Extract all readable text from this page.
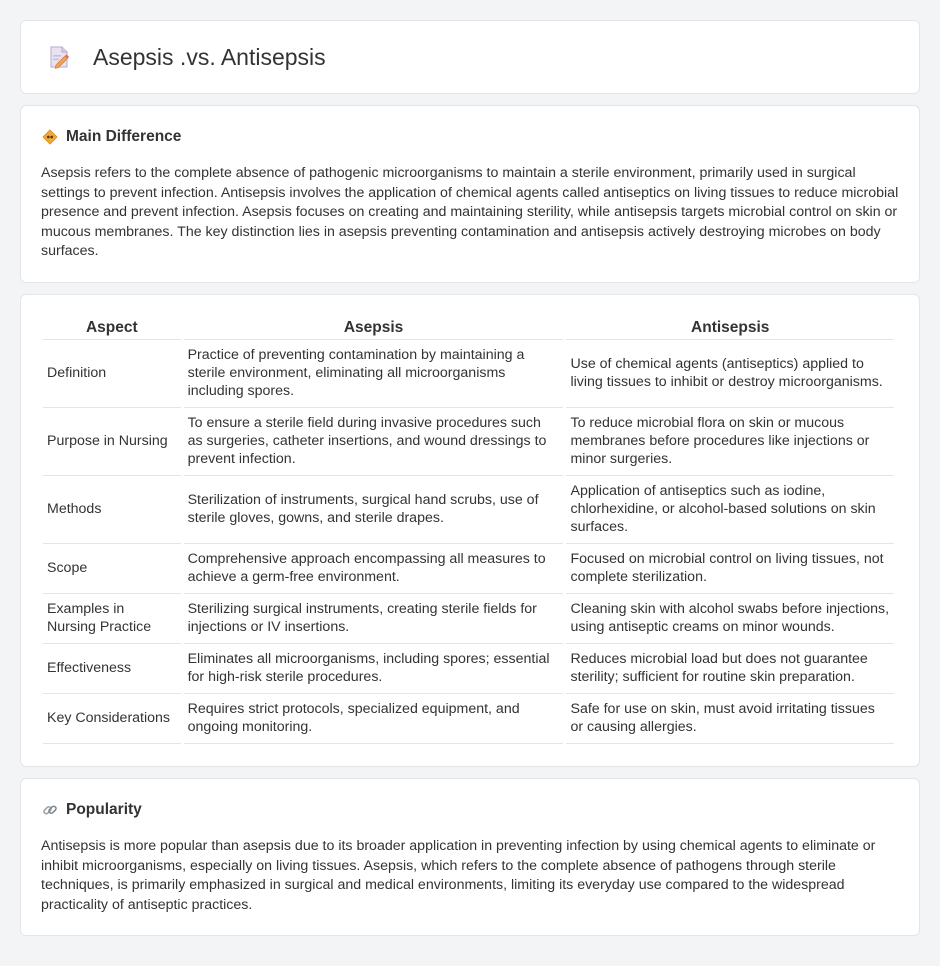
Asepsis .vs. Antisepsis
Main Difference

Asepsis refers to the complete absence of pathogenic microorganisms to maintain a sterile environment, primarily used in surgical settings to prevent infection. Antisepsis involves the application of chemical agents called antiseptics on living tissues to reduce microbial presence and prevent infection. Asepsis focuses on creating and maintaining sterility, while antisepsis targets microbial control on skin or mucous membranes. The key distinction lies in asepsis preventing contamination and antisepsis actively destroying microbes on body surfaces.

Aspect	Asepsis	Antisepsis
Definition	Practice of preventing contamination by maintaining a sterile environment, eliminating all microorganisms including spores.	Use of chemical agents (antiseptics) applied to living tissues to inhibit or destroy microorganisms.
Purpose in Nursing	To ensure a sterile field during invasive procedures such as surgeries, catheter insertions, and wound dressings to prevent infection.	To reduce microbial flora on skin or mucous membranes before procedures like injections or minor surgeries.
Methods	Sterilization of instruments, surgical hand scrubs, use of sterile gloves, gowns, and sterile drapes.	Application of antiseptics such as iodine, chlorhexidine, or alcohol-based solutions on skin surfaces.
Scope	Comprehensive approach encompassing all measures to achieve a germ-free environment.	Focused on microbial control on living tissues, not complete sterilization.
Examples in Nursing Practice	Sterilizing surgical instruments, creating sterile fields for injections or IV insertions.	Cleaning skin with alcohol swabs before injections, using antiseptic creams on minor wounds.
Effectiveness	Eliminates all microorganisms, including spores; essential for high-risk sterile procedures.	Reduces microbial load but does not guarantee sterility; sufficient for routine skin preparation.
Key Considerations	Requires strict protocols, specialized equipment, and ongoing monitoring.	Safe for use on skin, must avoid irritating tissues or causing allergies.
Popularity

Antisepsis is more popular than asepsis due to its broader application in preventing infection by using chemical agents to eliminate or inhibit microorganisms, especially on living tissues. Asepsis, which refers to the complete absence of pathogens through sterile techniques, is primarily emphasized in surgical and medical environments, limiting its everyday use compared to the widespread practicality of antiseptic practices.
